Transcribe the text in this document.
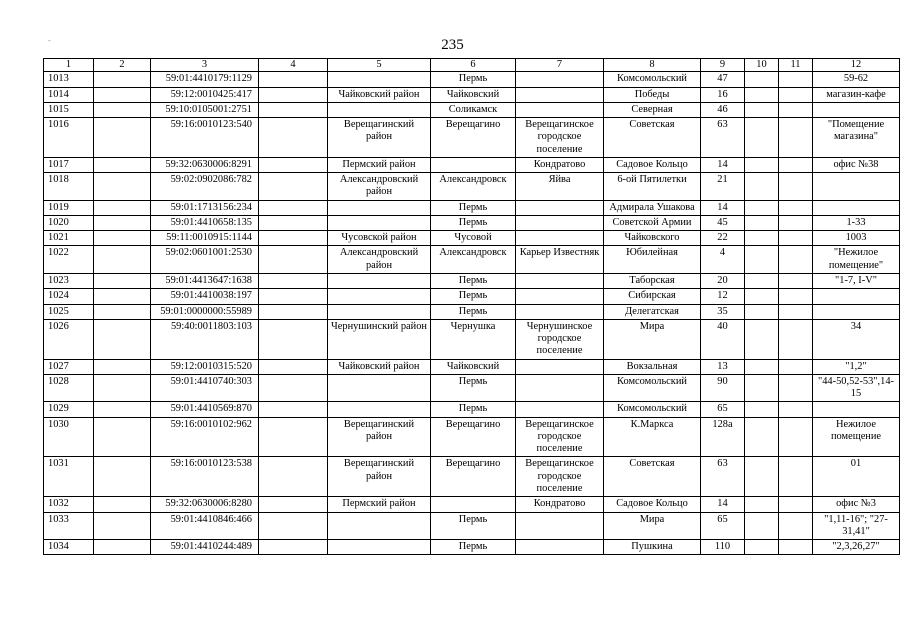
-	235
1	2	3	4	5	6	7	8	9	10	11	12
1013		59:01:4410179:1129			Пермь		Комсомольский	47			59-62
1014		59:12:0010425:417		Чайковский район	Чайковский		Победы	16			магазин-кафе
1015		59:10:0105001:2751			Соликамск		Северная	46			
1016		59:16:0010123:540		Верещагинский район	Верещагино	Верещагинское городское поселение	Советская	63			"Помещение магазина"
1017		59:32:0630006:8291		Пермский район		Кондратово	Садовое Кольцо	14			офис №38
1018		59:02:0902086:782		Александровский район	Александровск	Яйва	6-ой Пятилетки	21			
1019		59:01:1713156:234			Пермь		Адмирала Ушакова	14			
1020		59:01:4410658:135			Пермь		Советской Армии	45			1-33
1021		59:11:0010915:1144		Чусовской район	Чусовой		Чайковского	22			1003
1022		59:02:0601001:2530		Александровский район	Александровск	Карьер Известняк	Юбилейная	4			"Нежилое помещение"
1023		59:01:4413647:1638			Пермь		Таборская	20			"1-7, I-V"
1024		59:01:4410038:197			Пермь		Сибирская	12			
1025		59:01:0000000:55989			Пермь		Делегатская	35			
1026		59:40:0011803:103		Чернушинский район	Чернушка	Чернушинское городское поселение	Мира	40			34
1027		59:12:0010315:520		Чайковский район	Чайковский		Вокзальная	13			"1,2"
1028		59:01:4410740:303			Пермь		Комсомольский	90			"44-50,52-53",14-15
1029		59:01:4410569:870			Пермь		Комсомольский	65			
1030		59:16:0010102:962		Верещагинский район	Верещагино	Верещагинское городское поселение	К.Маркса	128а			Нежилое помещение
1031		59:16:0010123:538		Верещагинский район	Верещагино	Верещагинское городское поселение	Советская	63			01
1032		59:32:0630006:8280		Пермский район		Кондратово	Садовое Кольцо	14			офис №3
1033		59:01:4410846:466			Пермь		Мира	65			"1,11-16"; "27-31,41"
1034		59:01:4410244:489			Пермь		Пушкина	110			"2,3,26,27"
